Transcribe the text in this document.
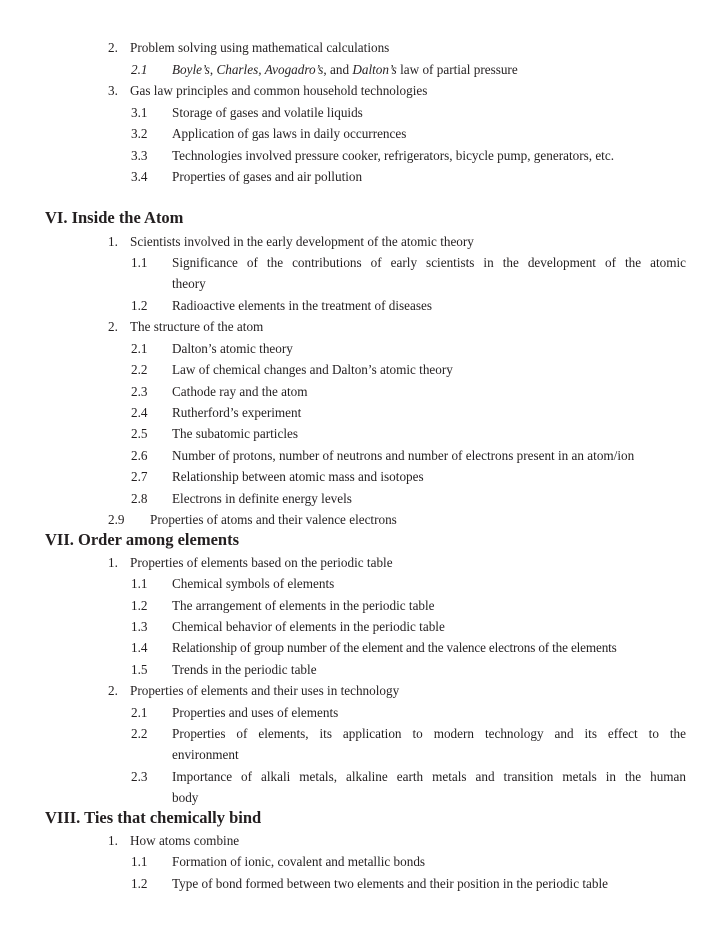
2. Problem solving using mathematical calculations
2.1 Boyle’s, Charles, Avogadro’s, and Dalton’s law of partial pressure
3. Gas law principles and common household technologies
3.1 Storage of gases and volatile liquids
3.2 Application of gas laws in daily occurrences
3.3 Technologies involved pressure cooker, refrigerators, bicycle pump, generators, etc.
3.4 Properties of gases and air pollution
VI. Inside the Atom
1. Scientists involved in the early development of the atomic theory
1.1 Significance of the contributions of early scientists in the development of the atomic
theory
1.2 Radioactive elements in the treatment of diseases
2. The structure of the atom
2.1 Dalton’s atomic theory
2.2 Law of chemical changes and Dalton’s atomic theory
2.3 Cathode ray and the atom
2.4 Rutherford’s experiment
2.5 The subatomic particles
2.6 Number of protons, number of neutrons and number of electrons present in an atom/ion
2.7 Relationship between atomic mass and isotopes
2.8 Electrons in definite energy levels
2.9 Properties of atoms and their valence electrons
VII. Order among elements
1. Properties of elements based on the periodic table
1.1 Chemical symbols of elements
1.2 The arrangement of elements in the periodic table
1.3 Chemical behavior of elements in the periodic table
1.4 Relationship of group number of the element and the valence electrons of the elements
1.5 Trends in the periodic table
2. Properties of elements and their uses in technology
2.1 Properties and uses of elements
2.2 Properties of elements, its application to modern technology and its effect to the
environment
2.3 Importance of alkali metals, alkaline earth metals and transition metals in the human
body
VIII. Ties that chemically bind
1. How atoms combine
1.1 Formation of ionic, covalent and metallic bonds
1.2 Type of bond formed between two elements and their position in the periodic table
